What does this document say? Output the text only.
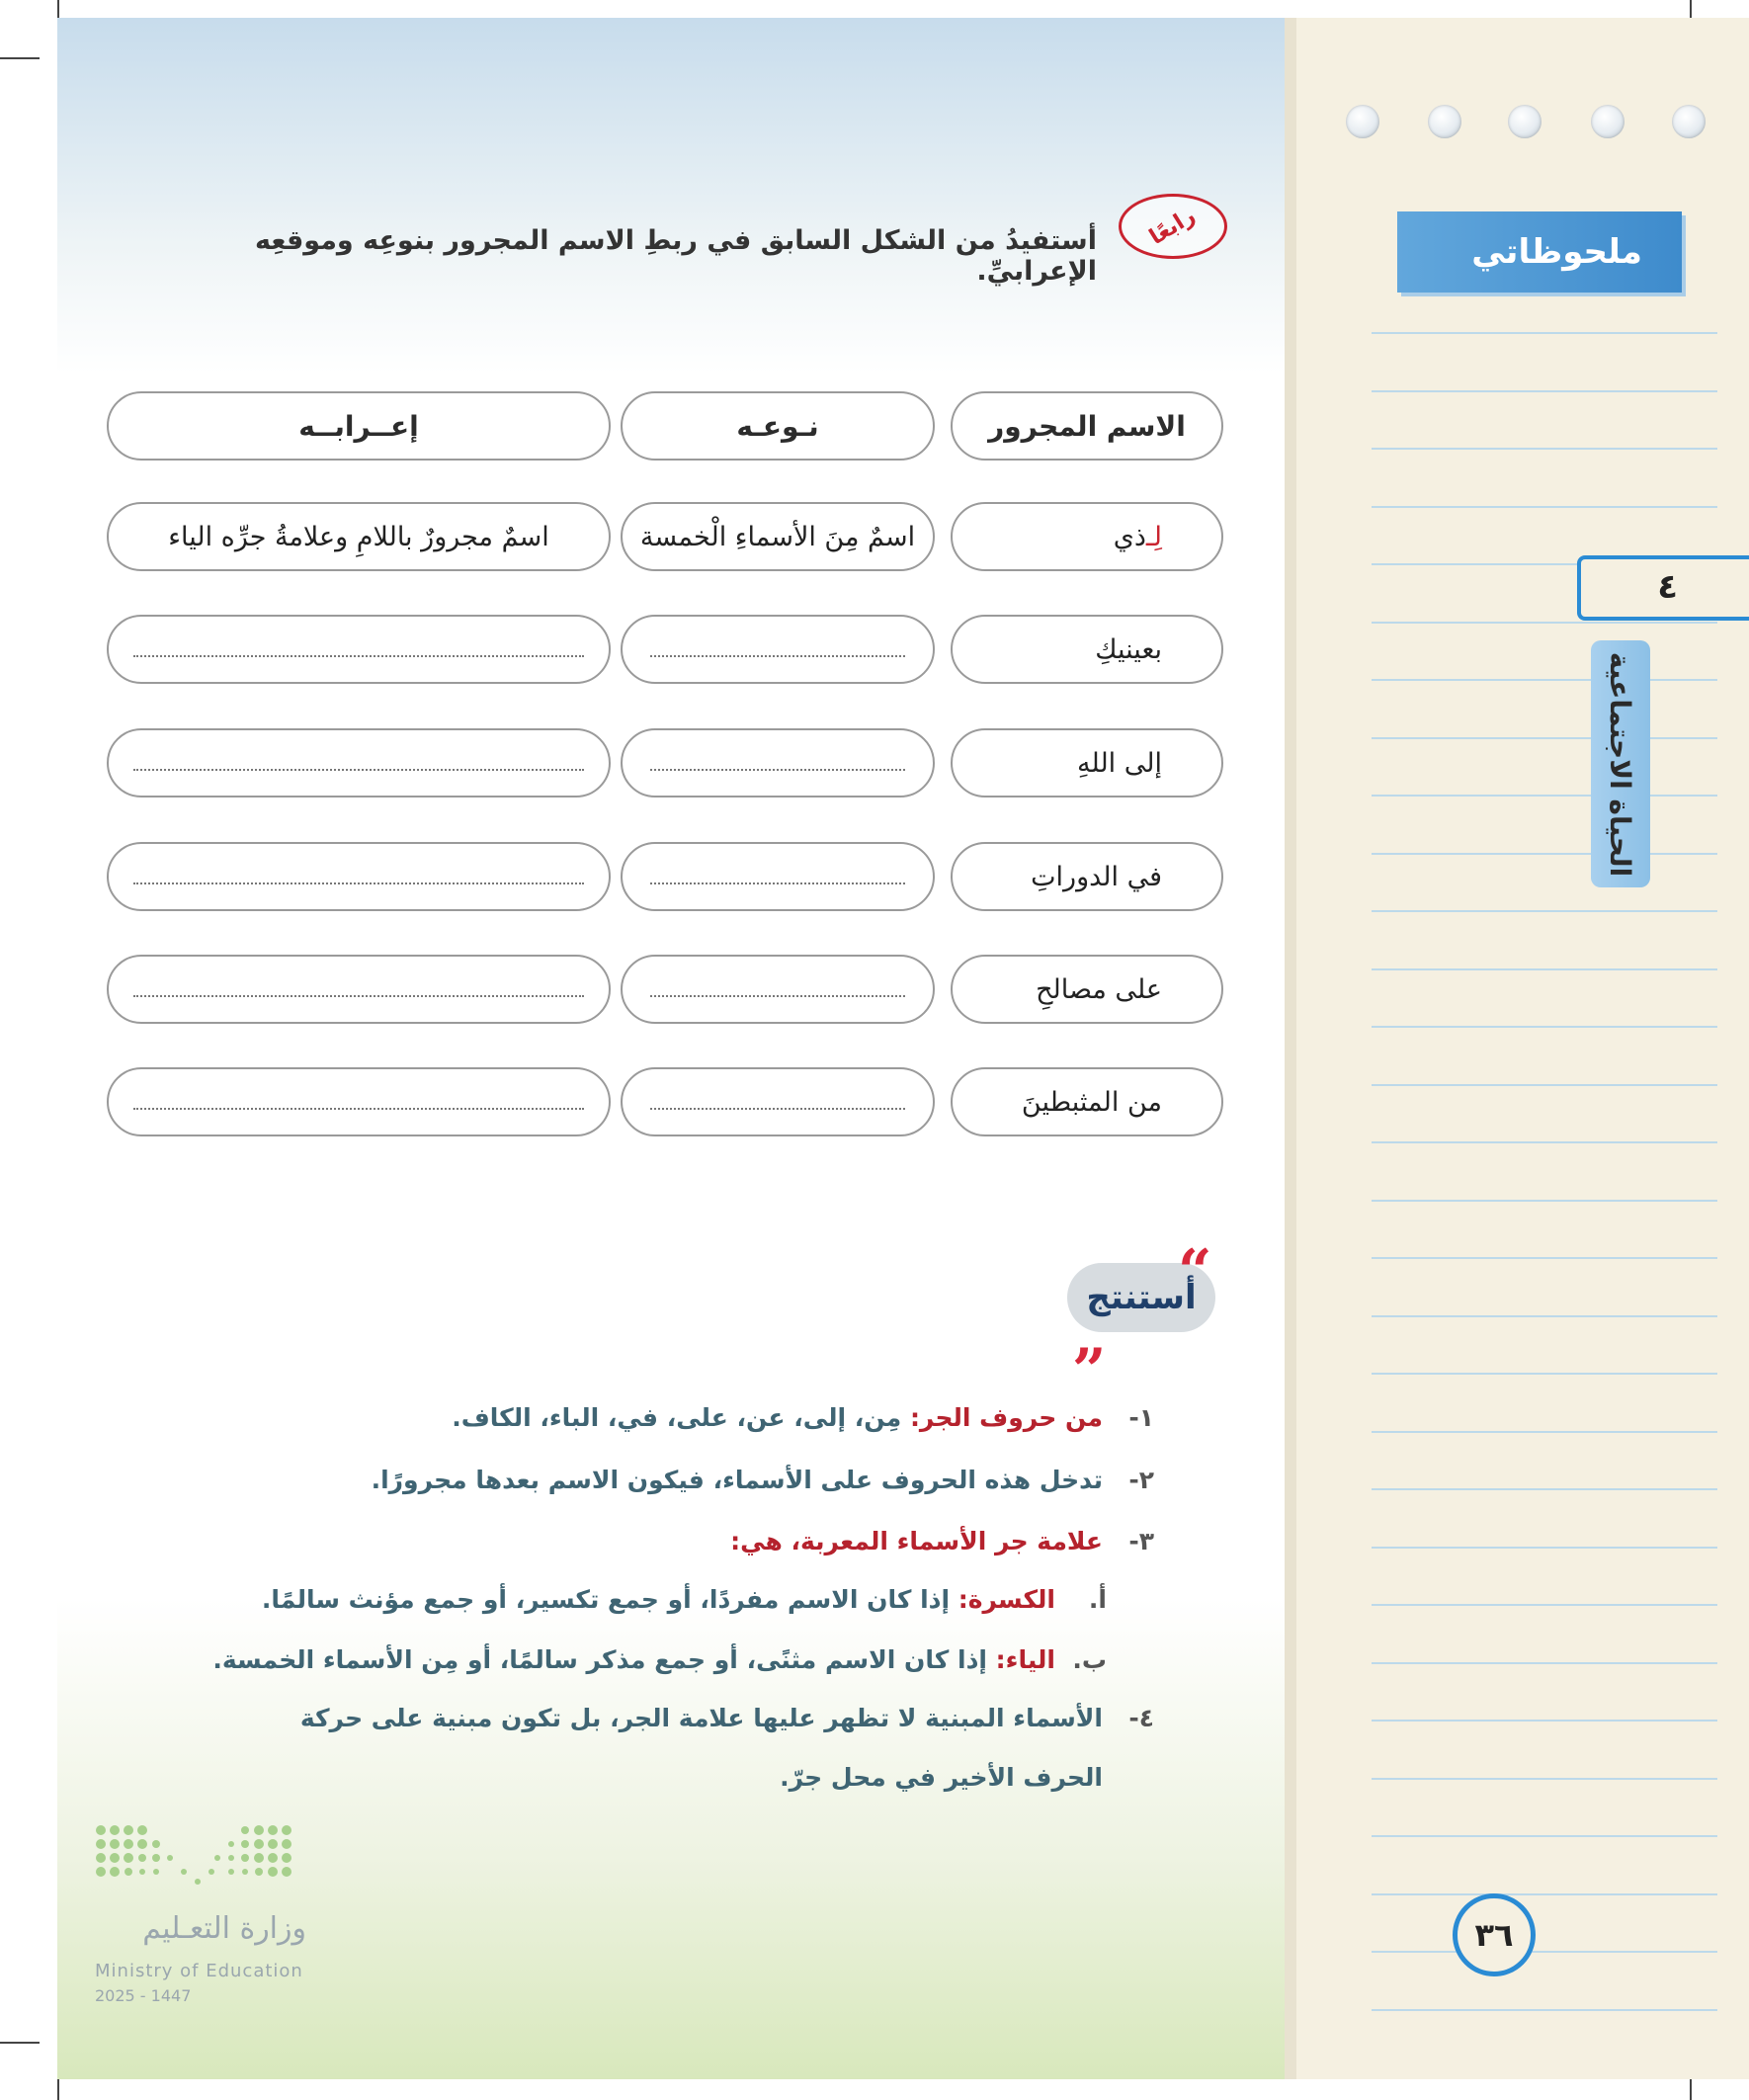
ملحوظاتي
٤
الحياة الاجتماعية
٣٦
رابعًا
أستفيدُ من الشكل السابق في ربطِ الاسم المجرور بنوعِه وموقعِه الإعرابيِّ.
الاسم المجرور
نـوعـه
إعــرابــه
لِـ
ذي
اسمٌ مِنَ الأسماءِ الْخمسة
اسمٌ مجرورٌ باللامِ وعلامةُ جرِّه الياء
بعينيكِ
إلى اللهِ
في الدوراتِ
على مصالحِ
من المثبطينَ
أستنتج
“
„
١-من حروف الجر: مِن، إلى، عن، على، في، الباء، الكاف.
٢-تدخل هذه الحروف على الأسماء، فيكون الاسم بعدها مجرورًا.
٣-علامة جر الأسماء المعربة، هي:
أ.الكسرة: إذا كان الاسم مفردًا، أو جمع تكسير، أو جمع مؤنث سالمًا.
ب.الياء: إذا كان الاسم مثنًى، أو جمع مذكر سالمًا، أو مِن الأسماء الخمسة.
٤-الأسماء المبنية لا تظهر عليها علامة الجر، بل تكون مبنية على حركة
الحرف الأخير في محل جرّ.
وزارة التعـليم
Ministry of Education
2025 - 1447
